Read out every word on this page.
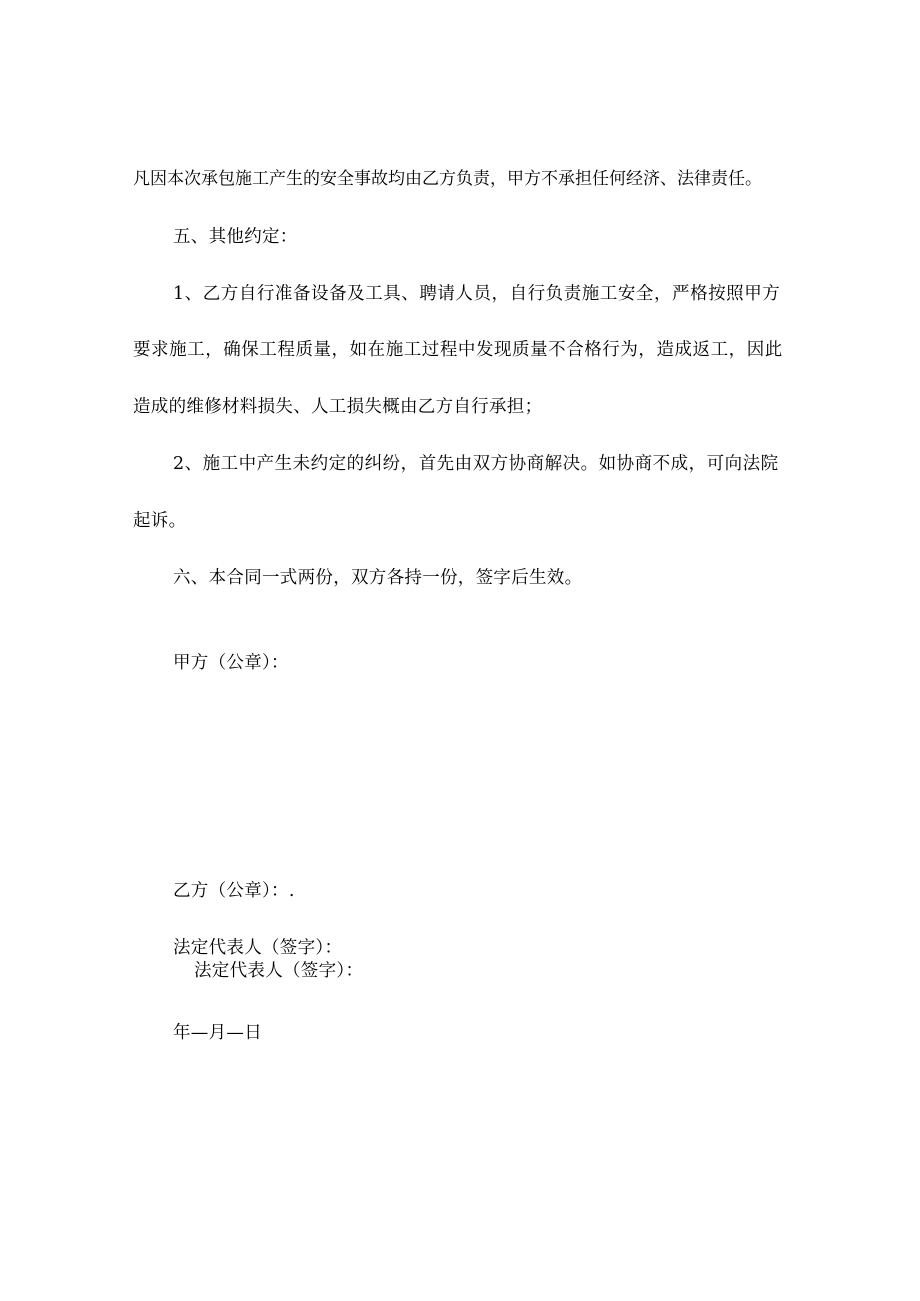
凡因本次承包施工产生的安全事故均由乙方负责，甲方不承担任何经济、法律责任。
五、其他约定：
1、乙方自行准备设备及工具、聘请人员，自行负责施工安全，严格按照甲方
要求施工，确保工程质量，如在施工过程中发现质量不合格行为，造成返工，因此
造成的维修材料损失、人工损失概由乙方自行承担；
2、施工中产生未约定的纠纷，首先由双方协商解决。如协商不成，可向法院
起诉。
六、本合同一式两份，双方各持一份，签字后生效。
甲方（公章）：
乙方（公章）：.
法定代表人（签字）：
法定代表人（签字）：
年—月—日
